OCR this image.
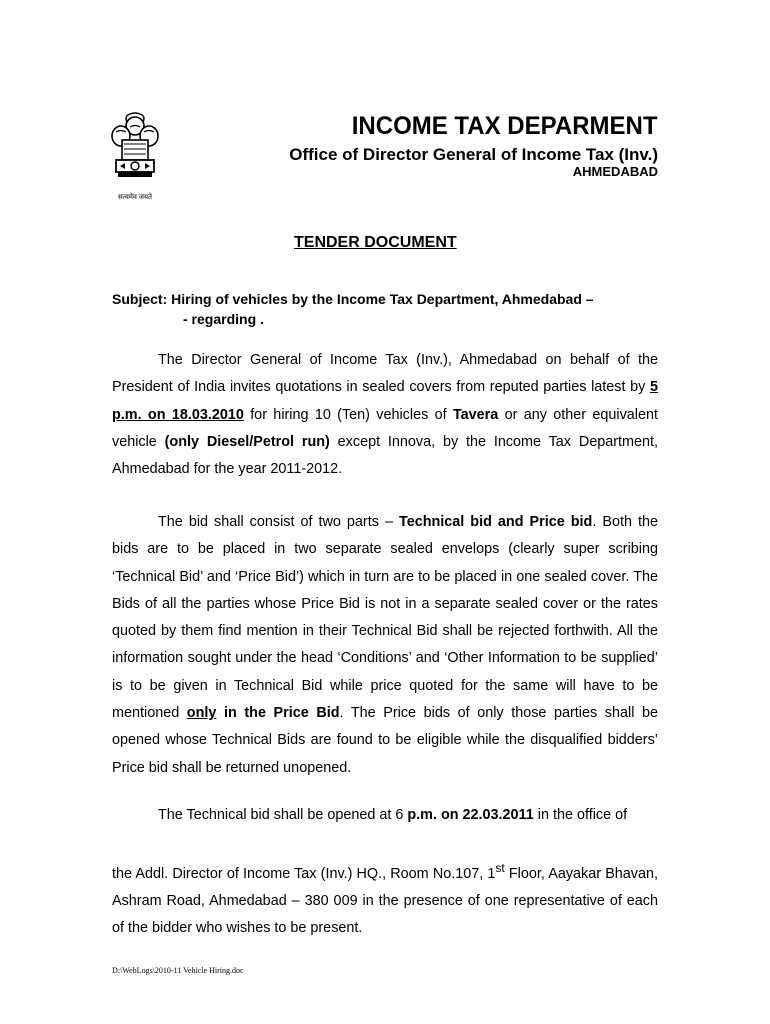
सत्यमेव जयते
INCOME TAX DEPARMENT
Office of Director General of Income Tax (Inv.)
AHMEDABAD
TENDER DOCUMENT
Subject: Hiring of vehicles by the Income Tax Department, Ahmedabad –
- regarding .

The Director General of Income Tax (Inv.), Ahmedabad on behalf of the President of India invites quotations in sealed covers from reputed parties latest by 5 p.m. on 18.03.2010 for hiring 10 (Ten) vehicles of Tavera or any other equivalent vehicle (only Diesel/Petrol run) except Innova, by the Income Tax Department, Ahmedabad for the year 2011-2012.

The bid shall consist of two parts – Technical bid and Price bid. Both the bids are to be placed in two separate sealed envelops (clearly super scribing ‘Technical Bid’ and ‘Price Bid’) which in turn are to be placed in one sealed cover. The Bids of all the parties whose Price Bid is not in a separate sealed cover or the rates quoted by them find mention in their Technical Bid shall be rejected forthwith. All the information sought under the head ‘Conditions’ and ‘Other Information to be supplied’ is to be given in Technical Bid while price quoted for the same will have to be mentioned only in the Price Bid. The Price bids of only those parties shall be opened whose Technical Bids are found to be eligible while the disqualified bidders’ Price bid shall be returned unopened.

The Technical bid shall be opened at 6 p.m. on 22.03.2011 in the office of

the Addl. Director of Income Tax (Inv.) HQ., Room No.107, 1st Floor, Aayakar Bhavan, Ashram Road, Ahmedabad – 380 009 in the presence of one representative of each of the bidder who wishes to be present.

D:\WebLogs\2010-11 Vehicle Hiring.doc
